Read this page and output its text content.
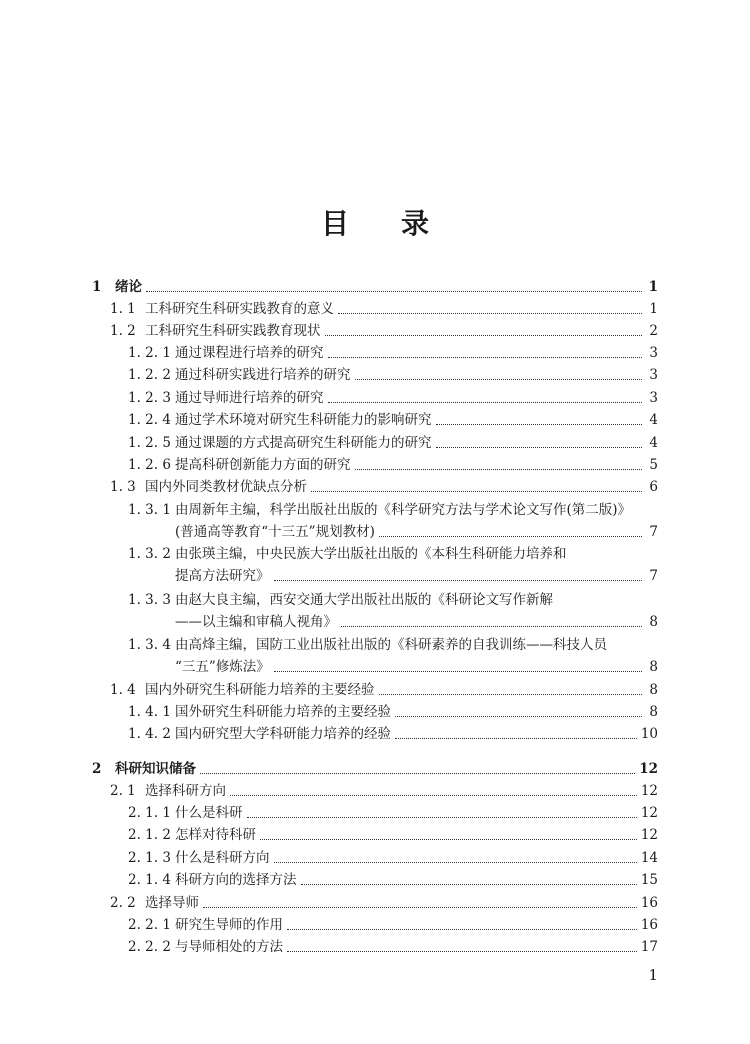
目 录
1	绪论	1
1. 1 工科研究生科研实践教育的意义	1
1. 2 工科研究生科研实践教育现状	2
1. 2. 1 通过课程进行培养的研究	3
1. 2. 2 通过科研实践进行培养的研究	3
1. 2. 3 通过导师进行培养的研究	3
1. 2. 4 通过学术环境对研究生科研能力的影响研究	4
1. 2. 5 通过课题的方式提高研究生科研能力的研究	4
1. 2. 6 提高科研创新能力方面的研究	5
1. 3 国内外同类教材优缺点分析	6
1. 3. 1 由周新年主编，科学出版社出版的《科学研究方法与学术论文写作(第二版)》
(普通高等教育“十三五”规划教材)	7
1. 3. 2 由张瑛主编，中央民族大学出版社出版的《本科生科研能力培养和
提高方法研究》	7
1. 3. 3 由赵大良主编，西安交通大学出版社出版的《科研论文写作新解
——以主编和审稿人视角》	8
1. 3. 4 由高烽主编，国防工业出版社出版的《科研素养的自我训练——科技人员
“三五”修炼法》	8
1. 4 国内外研究生科研能力培养的主要经验	8
1. 4. 1 国外研究生科研能力培养的主要经验	8
1. 4. 2 国内研究型大学科研能力培养的经验	10
2	科研知识储备	12
2. 1 选择科研方向	12
2. 1. 1 什么是科研	12
2. 1. 2 怎样对待科研	12
2. 1. 3 什么是科研方向	14
2. 1. 4 科研方向的选择方法	15
2. 2 选择导师	16
2. 2. 1 研究生导师的作用	16
2. 2. 2 与导师相处的方法	17
1
